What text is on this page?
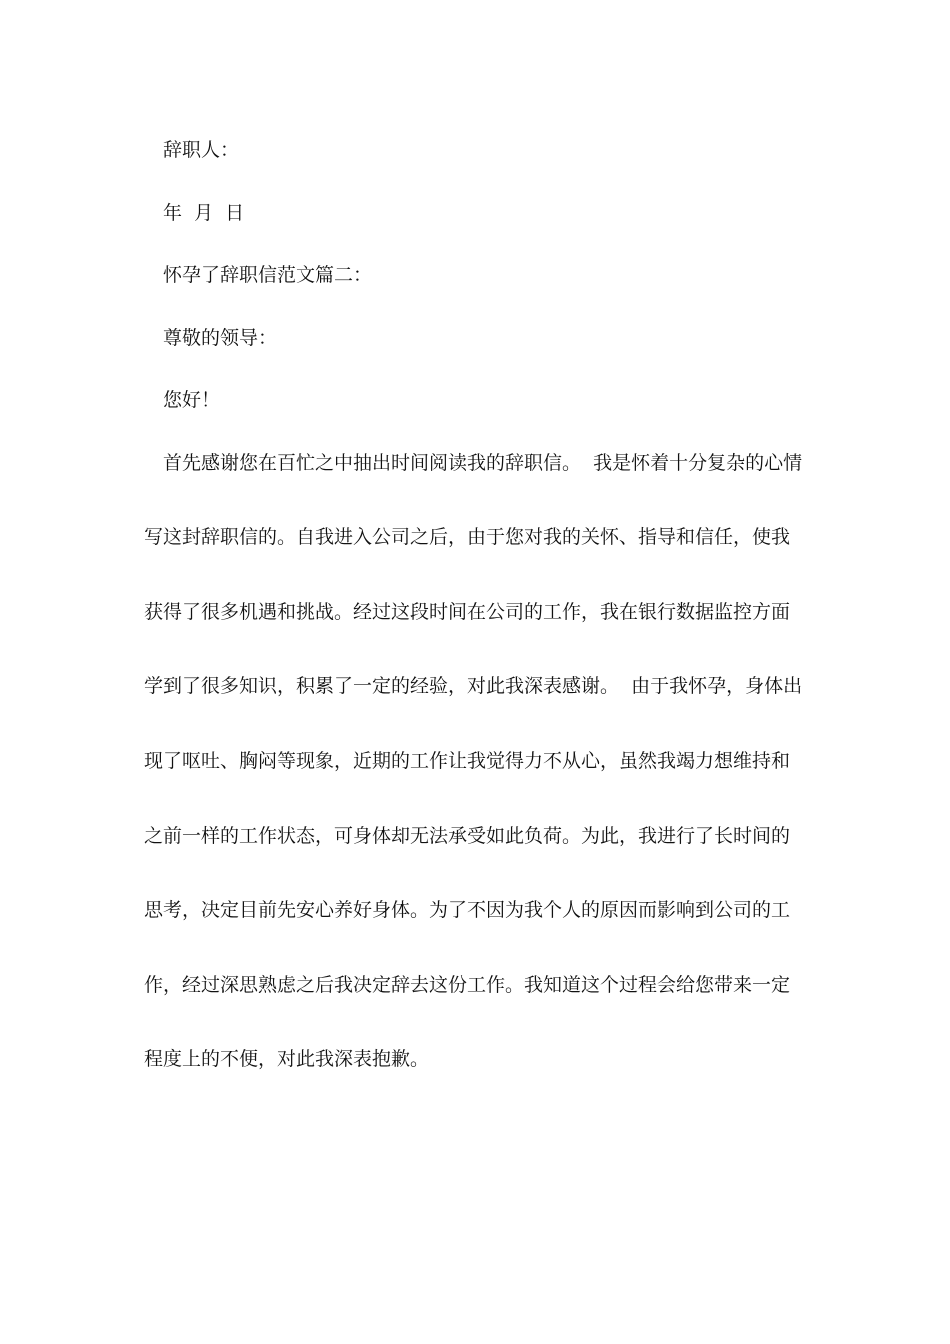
辞职人：
年  月  日
怀孕了辞职信范文篇二：
尊敬的领导：
您好！
首先感谢您在百忙之中抽出时间阅读我的辞职信。  我是怀着十分复杂的心情
写这封辞职信的。自我进入公司之后，由于您对我的关怀、指导和信任，使我
获得了很多机遇和挑战。经过这段时间在公司的工作，我在银行数据监控方面
学到了很多知识，积累了一定的经验，对此我深表感谢。  由于我怀孕，身体出
现了呕吐、胸闷等现象，近期的工作让我觉得力不从心，虽然我竭力想维持和
之前一样的工作状态，可身体却无法承受如此负荷。为此，我进行了长时间的
思考，决定目前先安心养好身体。为了不因为我个人的原因而影响到公司的工
作，经过深思熟虑之后我决定辞去这份工作。我知道这个过程会给您带来一定
程度上的不便，对此我深表抱歉。
